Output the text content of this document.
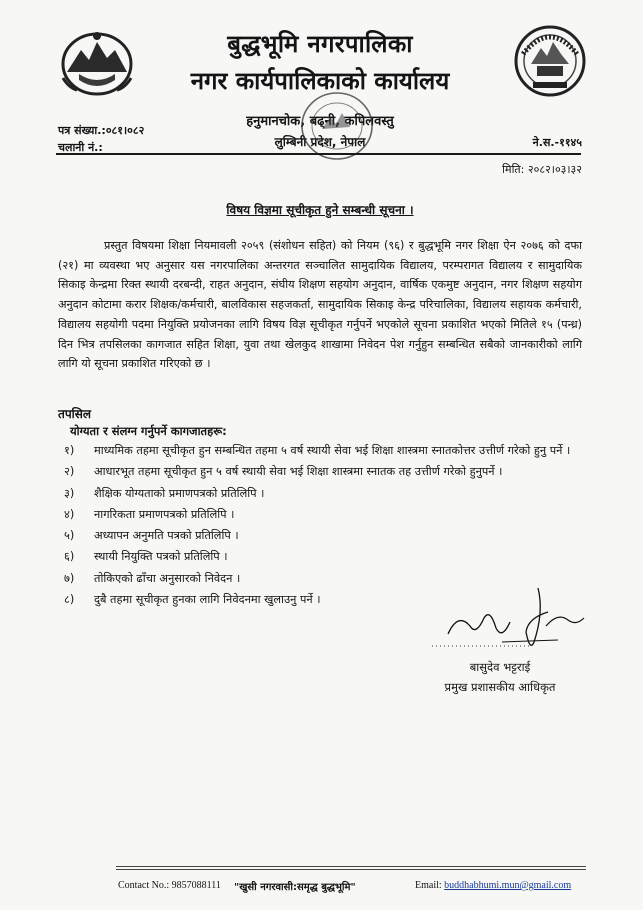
बुद्धभूमि नगरपालिका
नगर कार्यपालिकाको कार्यालय
हनुमानचोक, बढ्नी, कपिलवस्तु
लुम्बिनी प्रदेश, नेपाल
पत्र संख्या.:०८१।०८२
चलानी नं.:	ने.स.-११४५
मिति: २०८२।०३।३२
विषय विज्ञमा सूचीकृत हुने सम्बन्धी सूचना ।
प्रस्तुत विषयमा शिक्षा नियमावली २०५९ (संशोधन सहित) को नियम (९६) र बुद्धभूमि नगर शिक्षा ऐन २०७६ को दफा (२१) मा व्यवस्था भए अनुसार यस नगरपालिका अन्तरगत सञ्चालित सामुदायिक विद्यालय, परम्परागत विद्यालय र सामुदायिक सिकाइ केन्द्रमा रिक्त स्थायी दरबन्दी, राहत अनुदान, संघीय शिक्षण सहयोग अनुदान, वार्षिक एकमुष्ट अनुदान, नगर शिक्षण सहयोग अनुदान कोटामा करार शिक्षक/कर्मचारी, बालविकास सहजकर्ता, सामुदायिक सिकाइ केन्द्र परिचालिका, विद्यालय सहायक कर्मचारी, विद्यालय सहयोगी पदमा नियुक्ति प्रयोजनका लागि विषय विज्ञ सूचीकृत गर्नुपर्ने भएकोले सूचना प्रकाशित भएको मितिले १५ (पन्ध्र) दिन भित्र तपसिलका कागजात सहित शिक्षा, युवा तथा खेलकुद शाखामा निवेदन पेश गर्नुहुन सम्बन्धित सबैको जानकारीको लागि लागि यो सूचना प्रकाशित गरिएको छ ।
तपसिल
योग्यता र संलग्न गर्नुपर्ने कागजातहरू:
१)	माध्यमिक तहमा सूचीकृत हुन सम्बन्धित तहमा ५ वर्ष स्थायी सेवा भई शिक्षा शास्त्रमा स्नातकोत्तर उत्तीर्ण गरेको हुनु पर्ने ।
२)	आधारभूत तहमा सूचीकृत हुन ५ वर्ष स्थायी सेवा भई शिक्षा शास्त्रमा स्नातक तह उत्तीर्ण गरेको हुनुपर्ने ।
३)	शैक्षिक योग्यताको प्रमाणपत्रको प्रतिलिपि ।
४)	नागरिकता प्रमाणपत्रको प्रतिलिपि ।
५)	अध्यापन अनुमति पत्रको प्रतिलिपि ।
६)	स्थायी नियुक्ति पत्रको प्रतिलिपि ।
७)	तोकिएको ढाँचा अनुसारको निवेदन ।
८)	दुबै तहमा सूचीकृत हुनका लागि निवेदनमा खुलाउनु पर्ने ।
बासुदेव भट्टराई
प्रमुख प्रशासकीय आधिकृत
Contact No.: 9857088111 "खुसी नगरवासी:समृद्ध बुद्धभूमि"	Email: buddhabhumi.mun@gmail.com
